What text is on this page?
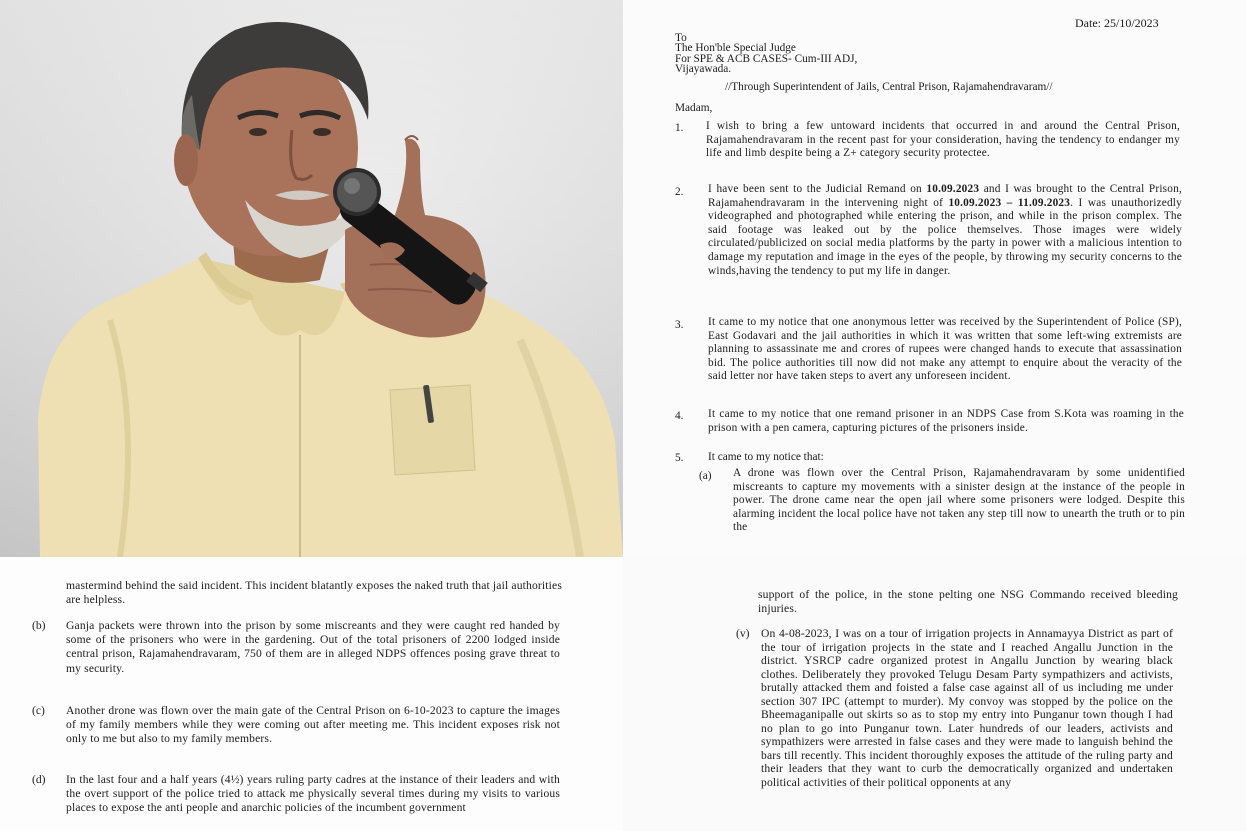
Date: 25/10/2023
To
The Hon'ble Special Judge
For SPE & ACB CASES- Cum-III ADJ,
Vijayawada.
//Through Superintendent of Jails, Central Prison, Rajamahendravaram//
Madam,
1. I wish to bring a few untoward incidents that occurred in and around the Central Prison, Rajamahendravaram in the recent past for your consideration, having the tendency to endanger my life and limb despite being a Z+ category security protectee.
2. I have been sent to the Judicial Remand on 10.09.2023 and I was brought to the Central Prison, Rajamahendravaram in the intervening night of 10.09.2023 – 11.09.2023. I was unauthorizedly videographed and photographed while entering the prison, and while in the prison complex. The said footage was leaked out by the police themselves. Those images were widely circulated/publicized on social media platforms by the party in power with a malicious intention to damage my reputation and image in the eyes of the people, by throwing my security concerns to the winds,having the tendency to put my life in danger.
3. It came to my notice that one anonymous letter was received by the Superintendent of Police (SP), East Godavari and the jail authorities in which it was written that some left-wing extremists are planning to assassinate me and crores of rupees were changed hands to execute that assassination bid. The police authorities till now did not make any attempt to enquire about the veracity of the said letter nor have taken steps to avert any unforeseen incident.
4. It came to my notice that one remand prisoner in an NDPS Case from S.Kota was roaming in the prison with a pen camera, capturing pictures of the prisoners inside.
5. It came to my notice that:
(a) A drone was flown over the Central Prison, Rajamahendravaram by some unidentified miscreants to capture my movements with a sinister design at the instance of the people in power. The drone came near the open jail where some prisoners were lodged. Despite this alarming incident the local police have not taken any step till now to unearth the truth or to pin the
mastermind behind the said incident. This incident blatantly exposes the naked truth that jail authorities are helpless.
(b) Ganja packets were thrown into the prison by some miscreants and they were caught red handed by some of the prisoners who were in the gardening. Out of the total prisoners of 2200 lodged inside central prison, Rajamahendravaram, 750 of them are in alleged NDPS offences posing grave threat to my security.
(c) Another drone was flown over the main gate of the Central Prison on 6-10-2023 to capture the images of my family members while they were coming out after meeting me. This incident exposes risk not only to me but also to my family members.
(d) In the last four and a half years (4½) years ruling party cadres at the instance of their leaders and with the overt support of the police tried to attack me physically several times during my visits to various places to expose the anti people and anarchic policies of the incumbent government
support of the police, in the stone pelting one NSG Commando received bleeding injuries.
(v) On 4-08-2023, I was on a tour of irrigation projects in Annamayya District as part of the tour of irrigation projects in the state and I reached Angallu Junction in the district. YSRCP cadre organized protest in Angallu Junction by wearing black clothes. Deliberately they provoked Telugu Desam Party sympathizers and activists, brutally attacked them and foisted a false case against all of us including me under section 307 IPC (attempt to murder). My convoy was stopped by the police on the Bheemaganipalle out skirts so as to stop my entry into Punganur town though I had no plan to go into Punganur town. Later hundreds of our leaders, activists and sympathizers were arrested in false cases and they were made to languish behind the bars till recently. This incident thoroughly exposes the attitude of the ruling party and their leaders that they want to curb the democratically organized and undertaken political activities of their political opponents at any
